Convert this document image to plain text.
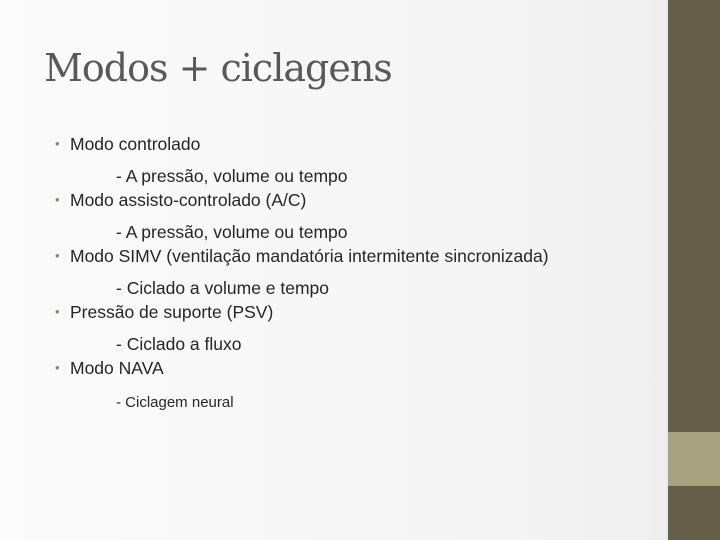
Modos + ciclagens
• Modo controlado
- A pressão, volume ou tempo
• Modo assisto-controlado (A/C)
- A pressão, volume ou tempo
• Modo SIMV (ventilação mandatória intermitente sincronizada)
- Ciclado a volume e tempo
• Pressão de suporte (PSV)
- Ciclado a fluxo
• Modo NAVA
- Ciclagem neural
